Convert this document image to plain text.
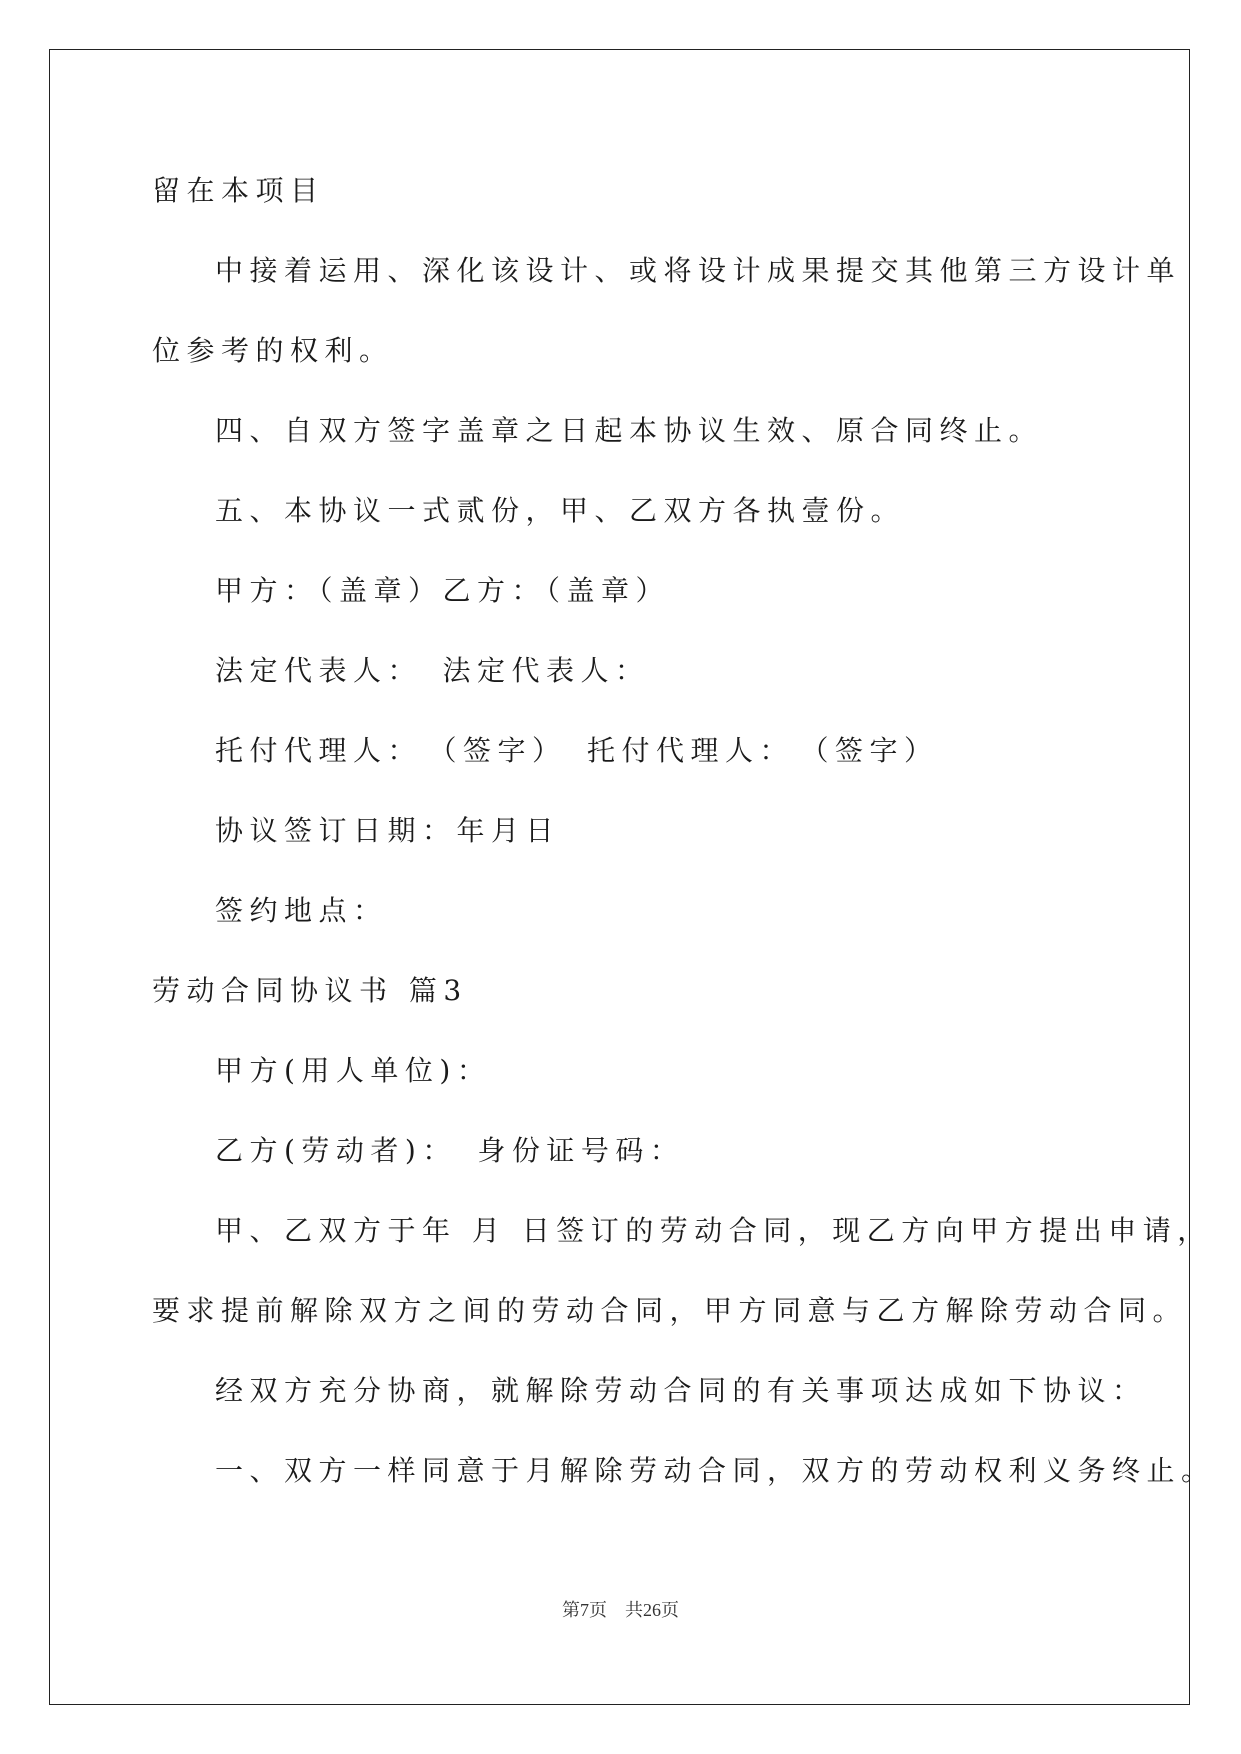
留在本项目
中接着运用、深化该设计、或将设计成果提交其他第三方设计单
位参考的权利。
四、自双方签字盖章之日起本协议生效、原合同终止。
五、本协议一式贰份，甲、乙双方各执壹份。
甲方：（盖章）乙方：（盖章）
法定代表人：　法定代表人：
托付代理人：　（签字）　托付代理人：　（签字）
协议签订日期：年月日
签约地点：
劳动合同协议书 篇3
甲方(用人单位)：
乙方(劳动者)：　身份证号码：
甲、乙双方于年 月 日签订的劳动合同，现乙方向甲方提出申请，
要求提前解除双方之间的劳动合同，甲方同意与乙方解除劳动合同。
经双方充分协商，就解除劳动合同的有关事项达成如下协议：
一、双方一样同意于月解除劳动合同，双方的劳动权利义务终止。
第7页 共26页
